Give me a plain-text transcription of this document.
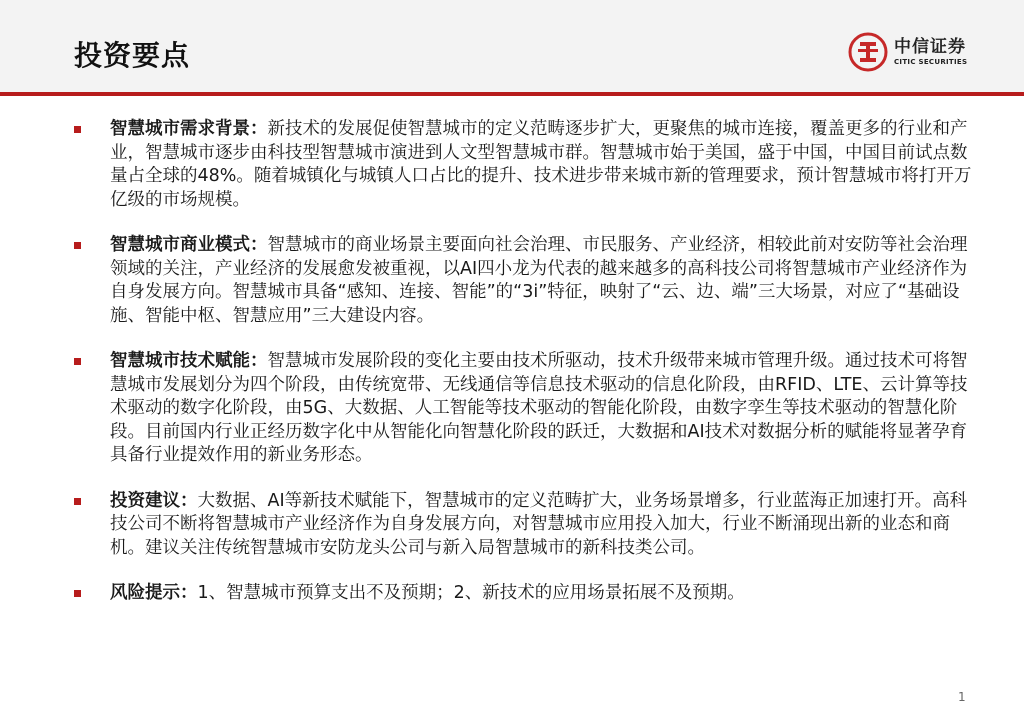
投资要点	中信证券
CITIC SECURITIES
智慧城市需求背景：新技术的发展促使智慧城市的定义范畴逐步扩大，更聚焦的城市连接，覆盖更多的行业和产业，智慧城市逐步由科技型智慧城市演进到人文型智慧城市群。智慧城市始于美国，盛于中国，中国目前试点数量占全球的48%。随着城镇化与城镇人口占比的提升、技术进步带来城市新的管理要求，预计智慧城市将打开万亿级的市场规模。
智慧城市商业模式：智慧城市的商业场景主要面向社会治理、市民服务、产业经济，相较此前对安防等社会治理领域的关注，产业经济的发展愈发被重视，以AI四小龙为代表的越来越多的高科技公司将智慧城市产业经济作为自身发展方向。智慧城市具备“感知、连接、智能”的“3i”特征，映射了“云、边、端”三大场景，对应了“基础设施、智能中枢、智慧应用”三大建设内容。
智慧城市技术赋能：智慧城市发展阶段的变化主要由技术所驱动，技术升级带来城市管理升级。通过技术可将智慧城市发展划分为四个阶段，由传统宽带、无线通信等信息技术驱动的信息化阶段，由RFID、LTE、云计算等技术驱动的数字化阶段，由5G、大数据、人工智能等技术驱动的智能化阶段，由数字孪生等技术驱动的智慧化阶段。目前国内行业正经历数字化中从智能化向智慧化阶段的跃迁，大数据和AI技术对数据分析的赋能将显著孕育具备行业提效作用的新业务形态。
投资建议：大数据、AI等新技术赋能下，智慧城市的定义范畴扩大，业务场景增多，行业蓝海正加速打开。高科技公司不断将智慧城市产业经济作为自身发展方向，对智慧城市应用投入加大，行业不断涌现出新的业态和商机。建议关注传统智慧城市安防龙头公司与新入局智慧城市的新科技类公司。
风险提示：1、智慧城市预算支出不及预期；2、新技术的应用场景拓展不及预期。
1
